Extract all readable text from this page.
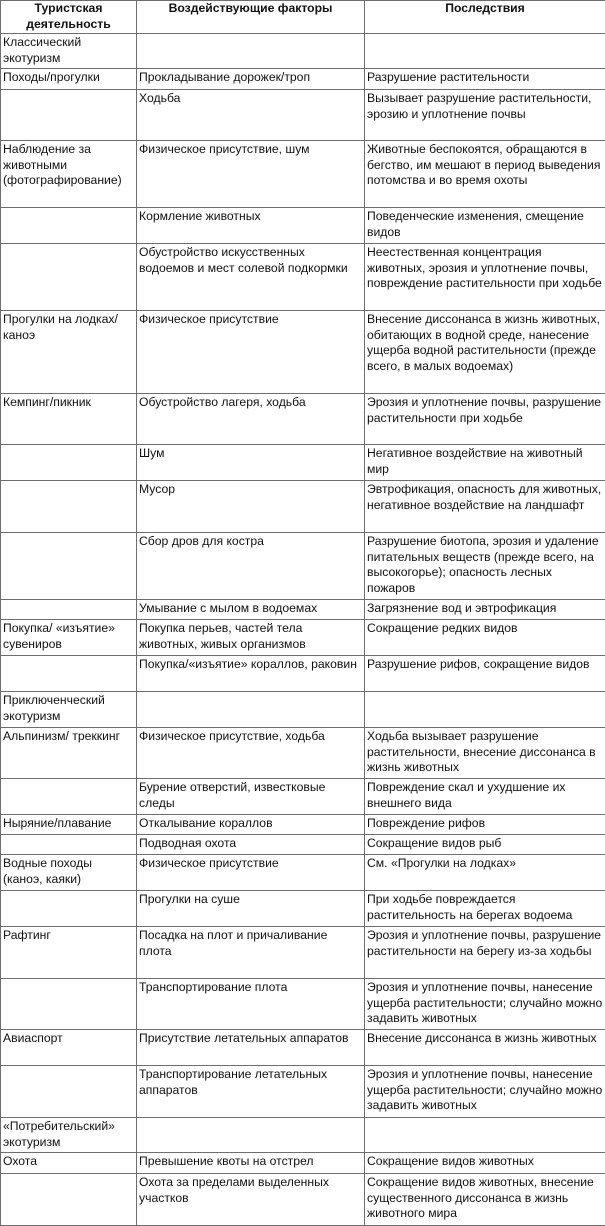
Туристская деятельность	Воздействующие факторы	Последствия
Классический экотуризм		
Походы/прогулки	Прокладывание дорожек/троп	Разрушение растительности
	Ходьба	Вызывает разрушение растительности, эрозию и уплотнение почвы
Наблюдение за животными (фотографирование)	Физическое присутствие, шум	Животные беспокоятся, обращаются в бегство, им мешают в период выведения потомства и во время охоты
	Кормление животных	Поведенческие изменения, смещение видов
	Обустройство искусственных водоемов и мест солевой подкормки	Неестественная концентрация животных, эрозия и уплотнение почвы, повреждение растительности при ходьбе
Прогулки на лодках/ каноэ	Физическое присутствие	Внесение диссонанса в жизнь животных, обитающих в водной среде, нанесение ущерба водной растительности (прежде всего, в малых водоемах)
Кемпинг/пикник	Обустройство лагеря, ходьба	Эрозия и уплотнение почвы, разрушение растительности при ходьбе
	Шум	Негативное воздействие на животный мир
	Мусор	Эвтрофикация, опасность для животных, негативное воздействие на ландшафт
	Сбор дров для костра	Разрушение биотопа, эрозия и удаление питательных веществ (прежде всего, на высокогорье); опасность лесных пожаров
	Умывание с мылом в водоемах	Загрязнение вод и эвтрофикация
Покупка/ «изъятие» сувениров	Покупка перьев, частей тела животных, живых организмов	Сокращение редких видов
	Покупка/«изъятие» кораллов, раковин	Разрушение рифов, сокращение видов
Приключенческий экотуризм		
Альпинизм/ треккинг	Физическое присутствие, ходьба	Ходьба вызывает разрушение растительности, внесение диссонанса в жизнь животных
	Бурение отверстий, известковые следы	Повреждение скал и ухудшение их внешнего вида
Ныряние/плавание	Откалывание кораллов	Повреждение рифов
	Подводная охота	Сокращение видов рыб
Водные походы (каноэ, каяки)	Физическое присутствие	См. «Прогулки на лодках»
	Прогулки на суше	При ходьбе повреждается растительность на берегах водоема
Рафтинг	Посадка на плот и причаливание плота	Эрозия и уплотнение почвы, разрушение растительности на берегу из-за ходьбы
	Транспортирование плота	Эрозия и уплотнение почвы, нанесение ущерба растительности; случайно можно задавить животных
Авиаспорт	Присутствие летательных аппаратов	Внесение диссонанса в жизнь животных
	Транспортирование летательных аппаратов	Эрозия и уплотнение почвы, нанесение ущерба растительности; случайно можно задавить животных
«Потребительский» экотуризм		
Охота	Превышение квоты на отстрел	Сокращение видов животных
	Охота за пределами выделенных участков	Сокращение видов животных, внесение существенного диссонанса в жизнь животного мира
